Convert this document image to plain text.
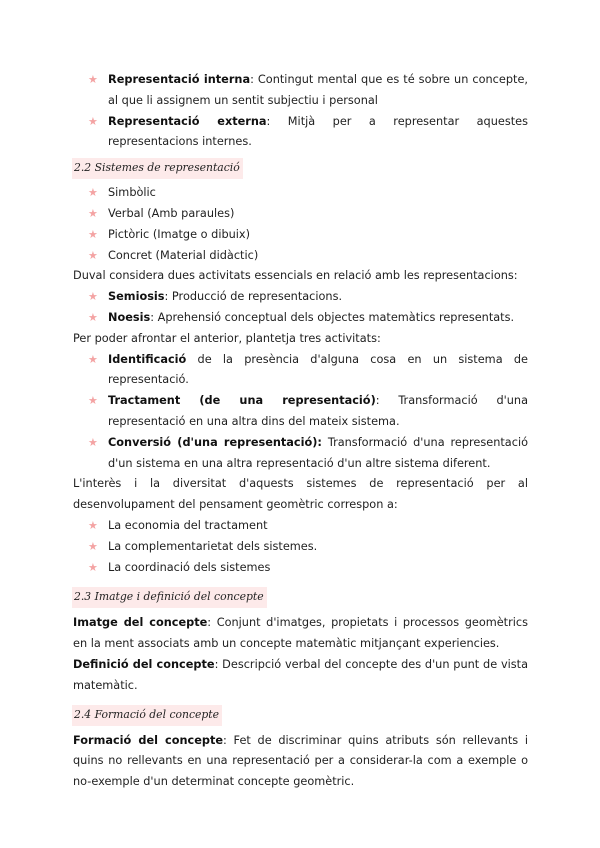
★ Representació interna: Contingut mental que es té sobre un concepte, al que li assignem un sentit subjectiu i personal
★ Representació externa: Mitjà per a representar aquestes representacions internes.
2.2 Sistemes de representació
★ Simbòlic
★ Verbal (Amb paraules)
★ Pictòric (Imatge o dibuix)
★ Concret (Material didàctic)

Duval considera dues activitats essencials en relació amb les representacions:

★ Semiosis: Producció de representacions.
★ Noesis: Aprehensió conceptual dels objectes matemàtics representats.

Per poder afrontar el anterior, plantetja tres activitats:

★ Identificació de la presència d'alguna cosa en un sistema de representació.
★ Tractament (de una representació): Transformació d'una representació en una altra dins del mateix sistema.
★ Conversió (d'una representació): Transformació d'una representació d'un sistema en una altra representació d'un altre sistema diferent.

L'interès i la diversitat d'aquests sistemes de representació per al desenvolupament del pensament geomètric correspon a:

★ La economia del tractament
★ La complementarietat dels sistemes.
★ La coordinació dels sistemes
2.3 Imatge i definició del concepte

Imatge del concepte: Conjunt d'imatges, propietats i processos geomètrics en la ment associats amb un concepte matemàtic mitjançant experiencies.

Definició del concepte: Descripció verbal del concepte des d'un punt de vista matemàtic.

2.4 Formació del concepte

Formació del concepte: Fet de discriminar quins atributs són rellevants i quins no rellevants en una representació per a considerar-la com a exemple o no-exemple d'un determinat concepte geomètric.
